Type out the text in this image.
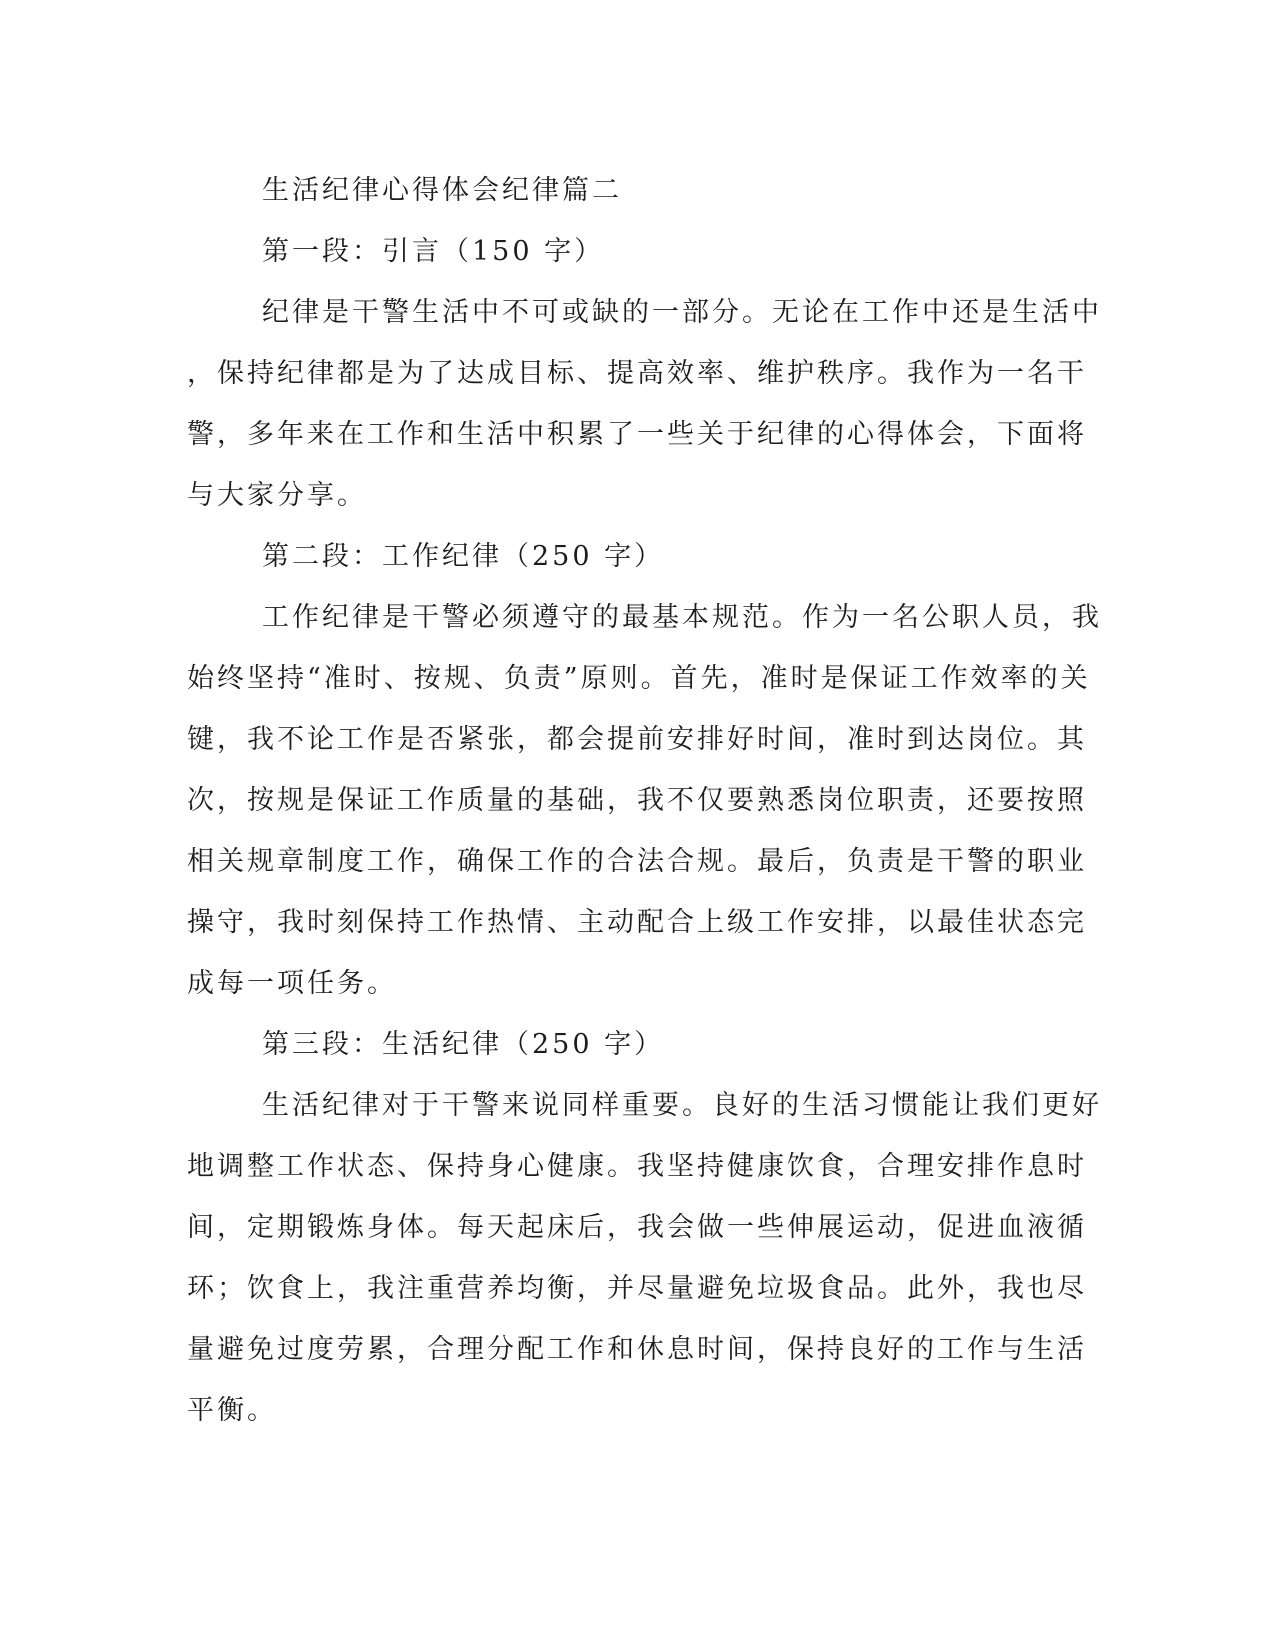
生活纪律心得体会纪律篇二
第一段：引言（150 字）
纪律是干警生活中不可或缺的一部分。无论在工作中还是生活中
，保持纪律都是为了达成目标、提高效率、维护秩序。我作为一名干
警，多年来在工作和生活中积累了一些关于纪律的心得体会，下面将
与大家分享。
第二段：工作纪律（250 字）
工作纪律是干警必须遵守的最基本规范。作为一名公职人员，我
始终坚持“准时、按规、负责”原则。首先，准时是保证工作效率的关
键，我不论工作是否紧张，都会提前安排好时间，准时到达岗位。其
次，按规是保证工作质量的基础，我不仅要熟悉岗位职责，还要按照
相关规章制度工作，确保工作的合法合规。最后，负责是干警的职业
操守，我时刻保持工作热情、主动配合上级工作安排，以最佳状态完
成每一项任务。
第三段：生活纪律（250 字）
生活纪律对于干警来说同样重要。良好的生活习惯能让我们更好
地调整工作状态、保持身心健康。我坚持健康饮食，合理安排作息时
间，定期锻炼身体。每天起床后，我会做一些伸展运动，促进血液循
环；饮食上，我注重营养均衡，并尽量避免垃圾食品。此外，我也尽
量避免过度劳累，合理分配工作和休息时间，保持良好的工作与生活
平衡。
